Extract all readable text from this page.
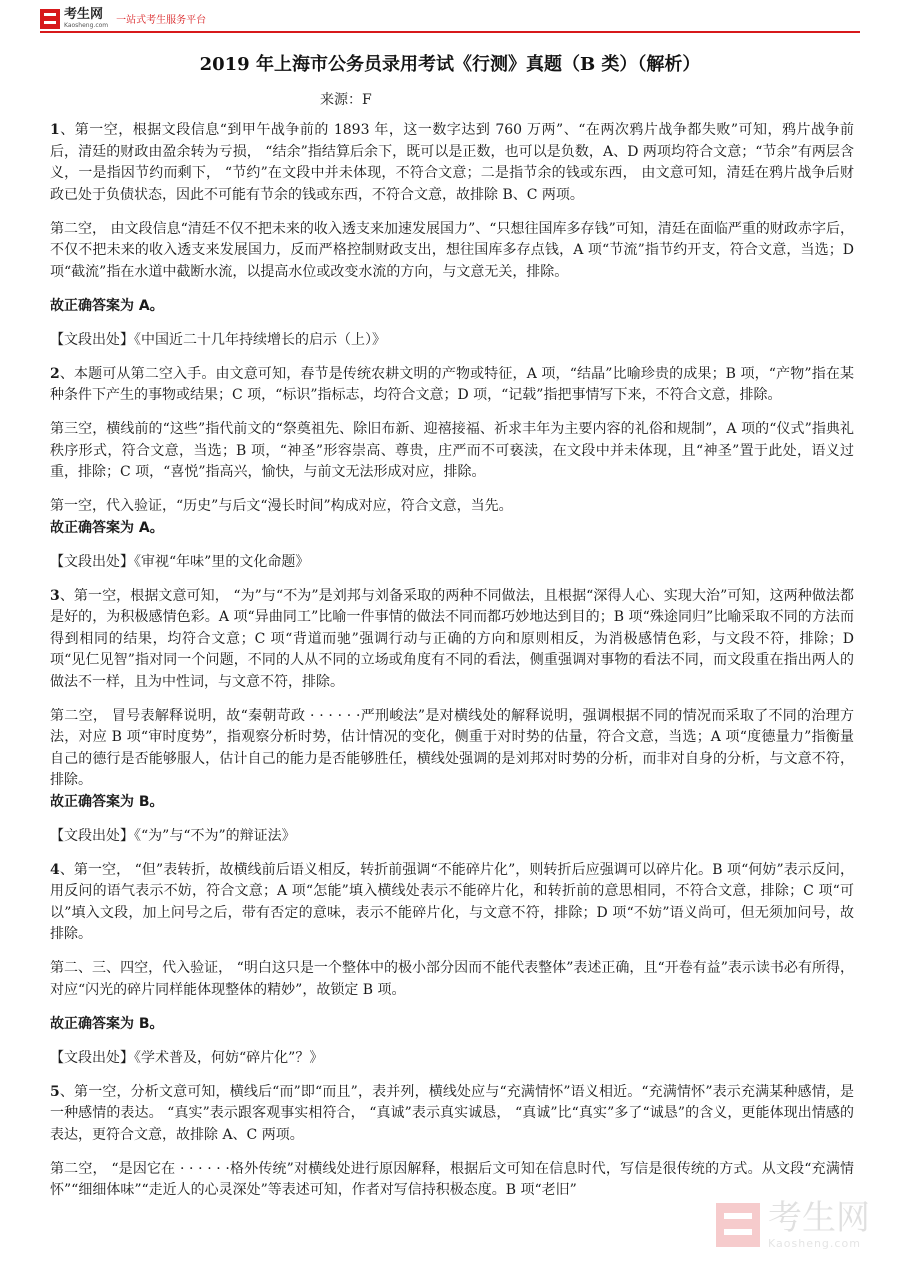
考生网
Kaosheng.com 一站式考生服务平台
2019 年上海市公务员录用考试《行测》真题（B 类）（解析）
来源：F

1、第一空，根据文段信息“到甲午战争前的 1893 年，这一数字达到 760 万两”、“在两次鸦片战争都失败”可知，鸦片战争前后，清廷的财政由盈余转为亏损， “结余”指结算后余下，既可以是正数，也可以是负数，A、D 两项均符合文意；“节余”有两层含义，一是指因节约而剩下， “节约”在文段中并未体现，不符合文意；二是指节余的钱或东西， 由文意可知，清廷在鸦片战争后财政已处于负债状态，因此不可能有节余的钱或东西，不符合文意，故排除 B、C 两项。

第二空， 由文段信息“清廷不仅不把未来的收入透支来加速发展国力”、“只想往国库多存钱”可知，清廷在面临严重的财政赤字后，不仅不把未来的收入透支来发展国力，反而严格控制财政支出，想往国库多存点钱，A 项“节流”指节约开支，符合文意，当选；D 项“截流”指在水道中截断水流，以提高水位或改变水流的方向，与文意无关，排除。

故正确答案为 A。

【文段出处】《中国近二十几年持续增长的启示（上）》

2、本题可从第二空入手。由文意可知，春节是传统农耕文明的产物或特征，A 项，“结晶”比喻珍贵的成果；B 项，“产物”指在某种条件下产生的事物或结果；C 项，“标识”指标志，均符合文意；D 项，“记载”指把事情写下来，不符合文意，排除。

第三空，横线前的“这些”指代前文的“祭奠祖先、除旧布新、迎禧接福、祈求丰年为主要内容的礼俗和规制”，A 项的“仪式”指典礼秩序形式，符合文意，当选；B 项，“神圣”形容崇高、尊贵，庄严而不可亵渎，在文段中并未体现，且“神圣”置于此处，语义过重，排除；C 项，“喜悦”指高兴，愉快，与前文无法形成对应，排除。

第一空，代入验证，“历史”与后文“漫长时间”构成对应，符合文意，当先。

故正确答案为 A。

【文段出处】《审视“年味”里的文化命题》

3、第一空，根据文意可知， “为”与“不为”是刘邦与刘备采取的两种不同做法，且根据“深得人心、实现大治”可知，这两种做法都是好的，为积极感情色彩。A 项“异曲同工”比喻一件事情的做法不同而都巧妙地达到目的；B 项“殊途同归”比喻采取不同的方法而得到相同的结果，均符合文意；C 项“背道而驰”强调行动与正确的方向和原则相反，为消极感情色彩，与文段不符，排除；D 项“见仁见智”指对同一个问题，不同的人从不同的立场或角度有不同的看法，侧重强调对事物的看法不同，而文段重在指出两人的做法不一样，且为中性词，与文意不符，排除。

第二空， 冒号表解释说明，故“秦朝苛政 · · · · · ·严刑峻法”是对横线处的解释说明，强调根据不同的情况而采取了不同的治理方法，对应 B 项“审时度势”，指观察分析时势，估计情况的变化，侧重于对时势的估量，符合文意，当选；A 项“度德量力”指衡量自己的德行是否能够服人，估计自己的能力是否能够胜任，横线处强调的是刘邦对时势的分析，而非对自身的分析，与文意不符，排除。

故正确答案为 B。

【文段出处】《“为”与“不为”的辩证法》

4、第一空， “但”表转折，故横线前后语义相反，转折前强调“不能碎片化”，则转折后应强调可以碎片化。B 项“何妨”表示反问，用反问的语气表示不妨，符合文意；A 项“怎能”填入横线处表示不能碎片化，和转折前的意思相同，不符合文意，排除；C 项“可以”填入文段，加上问号之后，带有否定的意味，表示不能碎片化，与文意不符，排除；D 项“不妨”语义尚可，但无须加问号，故排除。

第二、三、四空，代入验证， “明白这只是一个整体中的极小部分因而不能代表整体”表述正确，且“开卷有益”表示读书必有所得，对应“闪光的碎片同样能体现整体的精妙”，故锁定 B 项。

故正确答案为 B。

【文段出处】《学术普及，何妨“碎片化”？》

5、第一空，分析文意可知，横线后“而”即“而且”，表并列，横线处应与“充满情怀”语义相近。“充满情怀”表示充满某种感情，是一种感情的表达。 “真实”表示跟客观事实相符合， “真诚”表示真实诚恳， “真诚”比“真实”多了“诚恳”的含义，更能体现出情感的表达，更符合文意，故排除 A、C 两项。

第二空， “是因它在 · · · · · ·格外传统”对横线处进行原因解释，根据后文可知在信息时代，写信是很传统的方式。从文段“充满情怀”“细细体味”“走近人的心灵深处”等表述可知，作者对写信持积极态度。B 项“老旧”

考生网
Kaosheng.com
